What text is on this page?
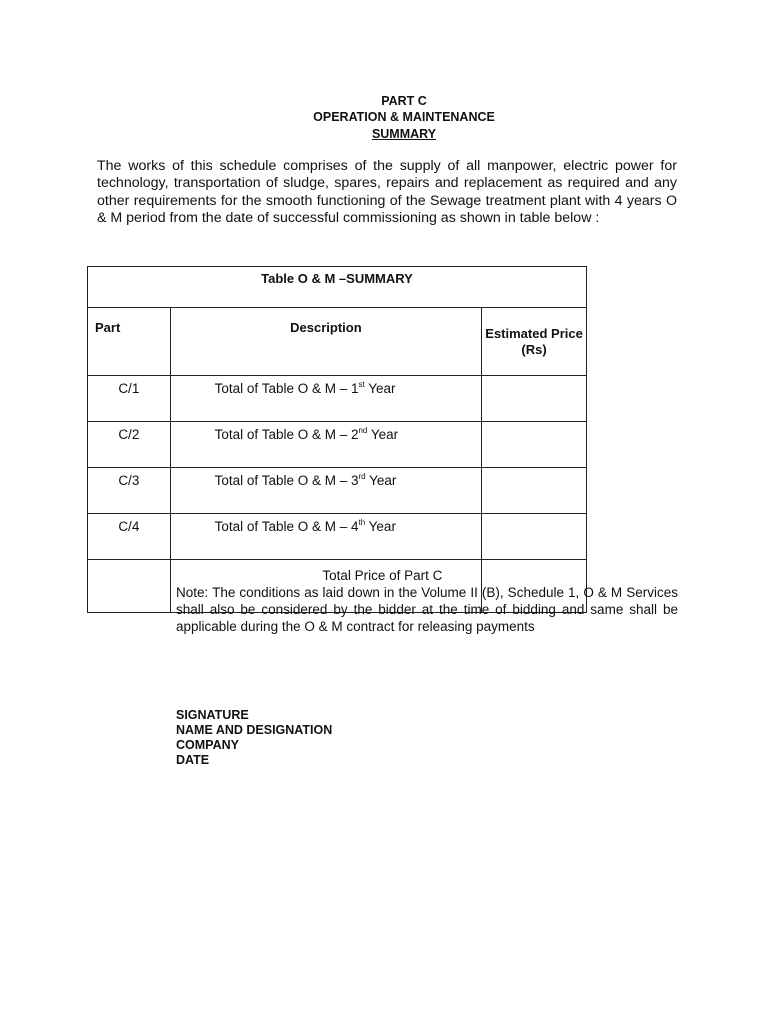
PART C
OPERATION & MAINTENANCE
SUMMARY
The works of this schedule comprises of the supply of all manpower, electric power for technology, transportation of sludge, spares, repairs and replacement as required and any other requirements for the smooth functioning of the Sewage treatment plant with 4 years O & M period from the date of successful commissioning as shown in table below :
Table O & M –SUMMARY		
Part	Description	Estimated Price (Rs)
C/1	Total of Table O & M – 1st Year	
C/2	Total of Table O & M – 2nd Year	
C/3	Total of Table O & M – 3rd Year	
C/4	Total of Table O & M – 4th Year	
	Total Price of Part C	
Note: The conditions as laid down in the Volume II (B), Schedule 1, O & M Services shall also be considered by the bidder at the time of bidding and same shall be applicable during the O & M contract for releasing payments
SIGNATURE
NAME AND DESIGNATION
COMPANY
DATE
